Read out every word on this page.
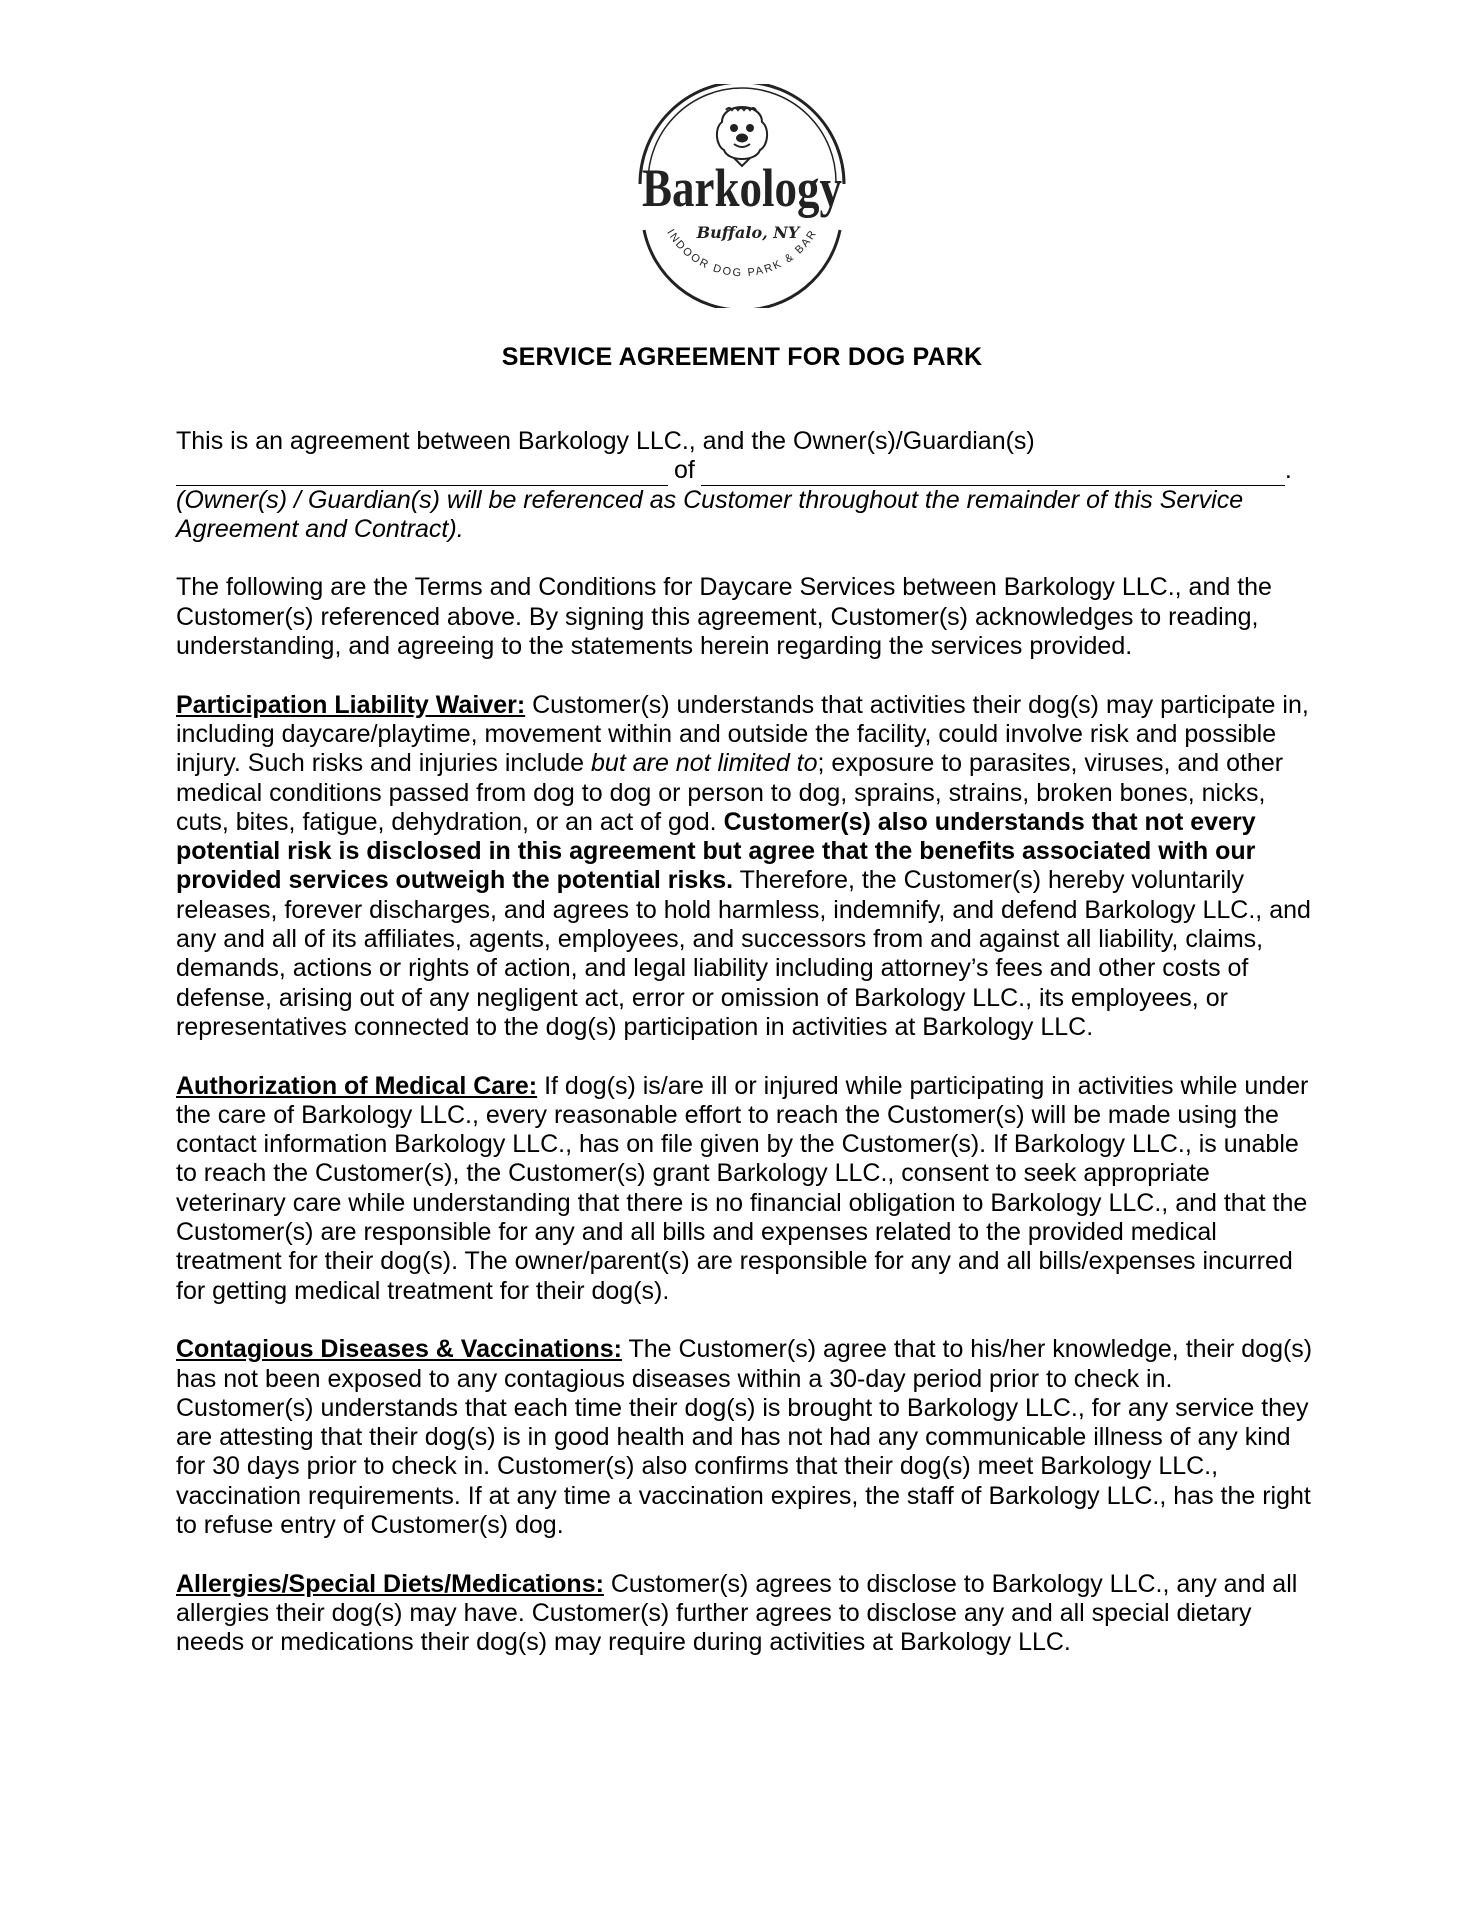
Barkology
Buffalo, NY
INDOOR DOG PARK & BAR
SERVICE AGREEMENT FOR DOG PARK

This is an agreement between Barkology LLC., and the Owner(s)/Guardian(s)

of	.

(Owner(s) / Guardian(s) will be referenced as Customer throughout the remainder of this Service Agreement and Contract).

The following are the Terms and Conditions for Daycare Services between Barkology LLC., and the Customer(s) referenced above. By signing this agreement, Customer(s) acknowledges to reading, understanding, and agreeing to the statements herein regarding the services provided.

Participation Liability Waiver: Customer(s) understands that activities their dog(s) may participate in, including daycare/playtime, movement within and outside the facility, could involve risk and possible injury. Such risks and injuries include but are not limited to; exposure to parasites, viruses, and other medical conditions passed from dog to dog or person to dog, sprains, strains, broken bones, nicks, cuts, bites, fatigue, dehydration, or an act of god. Customer(s) also understands that not every potential risk is disclosed in this agreement but agree that the benefits associated with our provided services outweigh the potential risks. Therefore, the Customer(s) hereby voluntarily releases, forever discharges, and agrees to hold harmless, indemnify, and defend Barkology LLC., and any and all of its affiliates, agents, employees, and successors from and against all liability, claims, demands, actions or rights of action, and legal liability including attorney’s fees and other costs of defense, arising out of any negligent act, error or omission of Barkology LLC., its employees, or representatives connected to the dog(s) participation in activities at Barkology LLC.

Authorization of Medical Care: If dog(s) is/are ill or injured while participating in activities while under the care of Barkology LLC., every reasonable effort to reach the Customer(s) will be made using the contact information Barkology LLC., has on file given by the Customer(s). If Barkology LLC., is unable to reach the Customer(s), the Customer(s) grant Barkology LLC., consent to seek appropriate veterinary care while understanding that there is no financial obligation to Barkology LLC., and that the Customer(s) are responsible for any and all bills and expenses related to the provided medical treatment for their dog(s). The owner/parent(s) are responsible for any and all bills/expenses incurred for getting medical treatment for their dog(s).

Contagious Diseases & Vaccinations: The Customer(s) agree that to his/her knowledge, their dog(s) has not been exposed to any contagious diseases within a 30-day period prior to check in. Customer(s) understands that each time their dog(s) is brought to Barkology LLC., for any service they are attesting that their dog(s) is in good health and has not had any communicable illness of any kind for 30 days prior to check in. Customer(s) also confirms that their dog(s) meet Barkology LLC., vaccination requirements. If at any time a vaccination expires, the staff of Barkology LLC., has the right to refuse entry of Customer(s) dog.

Allergies/Special Diets/Medications: Customer(s) agrees to disclose to Barkology LLC., any and all allergies their dog(s) may have. Customer(s) further agrees to disclose any and all special dietary needs or medications their dog(s) may require during activities at Barkology LLC.
